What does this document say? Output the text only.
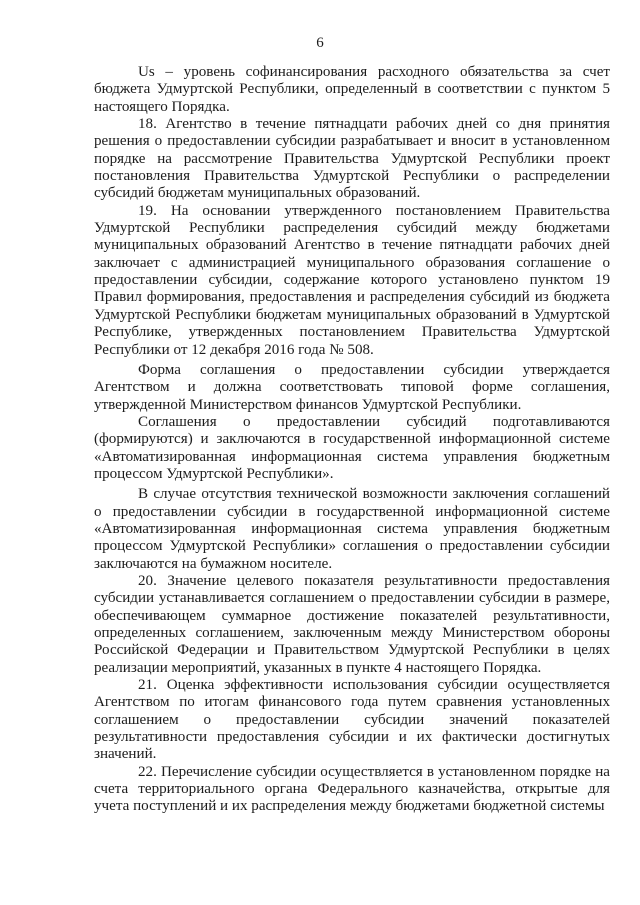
6

Us – уровень софинансирования расходного обязательства за счет бюджета Удмуртской Республики, определенный в соответствии с пунктом 5 настоящего Порядка.

18. Агентство в течение пятнадцати рабочих дней со дня принятия решения о предоставлении субсидии разрабатывает и вносит в установленном порядке на рассмотрение Правительства Удмуртской Республики проект постановления Правительства Удмуртской Республики о распределении субсидий бюджетам муниципальных образований.

19. На основании утвержденного постановлением Правительства Удмуртской Республики распределения субсидий между бюджетами муниципальных образований Агентство в течение пятнадцати рабочих дней заключает с администрацией муниципального образования соглашение о предоставлении субсидии, содержание которого установлено пунктом 19 Правил формирования, предоставления и распределения субсидий из бюджета Удмуртской Республики бюджетам муниципальных образований в Удмуртской Республике, утвержденных постановлением Правительства Удмуртской Республики от 12 декабря 2016 года № 508.

Форма соглашения о предоставлении субсидии утверждается Агентством и должна соответствовать типовой форме соглашения, утвержденной Министерством финансов Удмуртской Республики.

Соглашения о предоставлении субсидий подготавливаются (формируются) и заключаются в государственной информационной системе «Автоматизированная информационная система управления бюджетным процессом Удмуртской Республики».

В случае отсутствия технической возможности заключения соглашений о предоставлении субсидии в государственной информационной системе «Автоматизированная информационная система управления бюджетным процессом Удмуртской Республики» соглашения о предоставлении субсидии заключаются на бумажном носителе.

20. Значение целевого показателя результативности предоставления субсидии устанавливается соглашением о предоставлении субсидии в размере, обеспечивающем суммарное достижение показателей результативности, определенных соглашением, заключенным между Министерством обороны Российской Федерации и Правительством Удмуртской Республики в целях реализации мероприятий, указанных в пункте 4 настоящего Порядка.

21. Оценка эффективности использования субсидии осуществляется Агентством по итогам финансового года путем сравнения установленных соглашением о предоставлении субсидии значений показателей результативности предоставления субсидии и их фактически достигнутых значений.

22. Перечисление субсидии осуществляется в установленном порядке на счета территориального органа Федерального казначейства, открытые для учета поступлений и их распределения между бюджетами бюджетной системы
